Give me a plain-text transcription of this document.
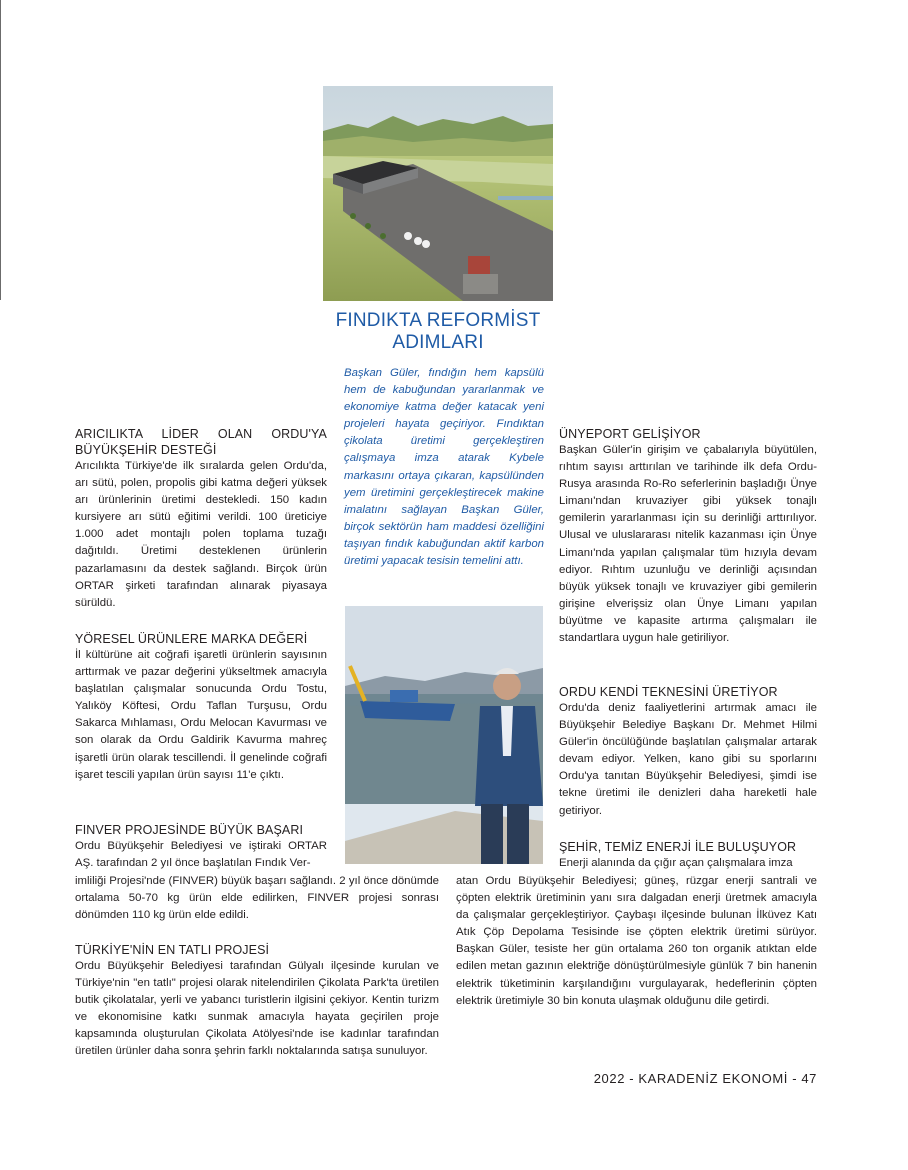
FINDIKTA REFORMİST
ADIMLARI
Başkan Güler, fındığın hem kapsülü hem de kabuğundan yararlanmak ve ekonomiye katma değer katacak yeni projeleri hayata geçiriyor. Fındıktan çikolata üretimi gerçekleştiren çalışmaya imza atarak Kybele markasını ortaya çıkaran, kapsülünden yem üretimini gerçekleştirecek makine imalatını sağlayan Başkan Güler, birçok sektörün ham maddesi özelliğini taşıyan fındık kabuğundan aktif karbon üretimi yapacak tesisin temelini attı.
ARICILIKTA LİDER OLAN ORDU'YA
BÜYÜKŞEHİR DESTEĞİ
Arıcılıkta Türkiye'de ilk sıralarda gelen Ordu'da, arı sütü, polen, propolis gibi katma değeri yüksek arı ürünlerinin üretimi destekledi. 150 kadın kursiyere arı sütü eğitimi verildi. 100 üreticiye 1.000 adet montajlı polen toplama tuzağı dağıtıldı. Üretimi desteklenen ürünlerin pazarlamasını da destek sağlandı. Birçok ürün ORTAR şirketi tarafından alınarak piyasaya sürüldü.
YÖRESEL ÜRÜNLERE MARKA DEĞERİ
İl kültürüne ait coğrafi işaretli ürünlerin sayısının arttırmak ve pazar değerini yükseltmek amacıyla başlatılan çalışmalar sonucunda Ordu Tostu, Yalıköy Köftesi, Ordu Taflan Turşusu, Ordu Sakarca Mıhlaması, Ordu Melocan Kavurması ve son olarak da Ordu Galdirik Kavurma mahreç işaretli ürün olarak tescillendi. İl genelinde coğrafi işaret tescili yapılan ürün sayısı 11'e çıktı.
FINVER PROJESİNDE BÜYÜK BAŞARI
Ordu Büyükşehir Belediyesi ve iştiraki ORTAR AŞ. tarafından 2 yıl önce başlatılan Fındık Ver-
imliliği Projesi'nde (FINVER) büyük başarı sağlandı. 2 yıl önce dönümde ortalama 50-70 kg ürün elde edilirken, FINVER projesi sonrası dönümden 110 kg ürün elde edildi.
TÜRKİYE'NİN EN TATLI PROJESİ
Ordu Büyükşehir Belediyesi tarafından Gülyalı ilçesinde kurulan ve Türkiye'nin "en tatlı" projesi olarak nitelendirilen Çikolata Park'ta üretilen butik çikolatalar, yerli ve yabancı turistlerin ilgisini çekiyor. Kentin turizm ve ekonomisine katkı sunmak amacıyla hayata geçirilen proje kapsamında oluşturulan Çikolata Atölyesi'nde ise kadınlar tarafından üretilen ürünler daha sonra şehrin farklı noktalarında satışa sunuluyor.
ÜNYEPORT GELİŞİYOR
Başkan Güler'in girişim ve çabalarıyla büyütülen, rıhtım sayısı arttırılan ve tarihinde ilk defa Ordu-Rusya arasında Ro-Ro seferlerinin başladığı Ünye Limanı'ndan kruvaziyer gibi yüksek tonajlı gemilerin yararlanması için su derinliği arttırılıyor. Ulusal ve uluslararası nitelik kazanması için Ünye Limanı'nda yapılan çalışmalar tüm hızıyla devam ediyor. Rıhtım uzunluğu ve derinliği açısından büyük yüksek tonajlı ve kruvaziyer gibi gemilerin girişine elverişsiz olan Ünye Limanı yapılan büyütme ve kapasite artırma çalışmaları ile standartlara uygun hale getiriliyor.
ORDU KENDİ TEKNESİNİ ÜRETİYOR
Ordu'da deniz faaliyetlerini artırmak amacı ile Büyükşehir Belediye Başkanı Dr. Mehmet Hilmi Güler'in öncülüğünde başlatılan çalışmalar artarak devam ediyor. Yelken, kano gibi su sporlarını Ordu'ya tanıtan Büyükşehir Belediyesi, şimdi ise tekne üretimi ile denizleri daha hareketli hale getiriyor.
ŞEHİR, TEMİZ ENERJİ İLE BULUŞUYOR
Enerji alanında da çığır açan çalışmalara imza
atan Ordu Büyükşehir Belediyesi; güneş, rüzgar enerji santrali ve çöpten elektrik üretiminin yanı sıra dalgadan enerji üretmek amacıyla da çalışmalar gerçekleştiriyor. Çaybaşı ilçesinde bulunan İlküvez Katı Atık Çöp Depolama Tesisinde ise çöpten elektrik üretimi sürüyor. Başkan Güler, tesiste her gün ortalama 260 ton organik atıktan elde edilen metan gazının elektriğe dönüştürülmesiyle günlük 7 bin hanenin elektrik tüketiminin karşılandığını vurgulayarak, hedeflerinin çöpten elektrik üretimiyle 30 bin konuta ulaşmak olduğunu dile getirdi.
2022 - KARADENİZ EKONOMİ - 47
